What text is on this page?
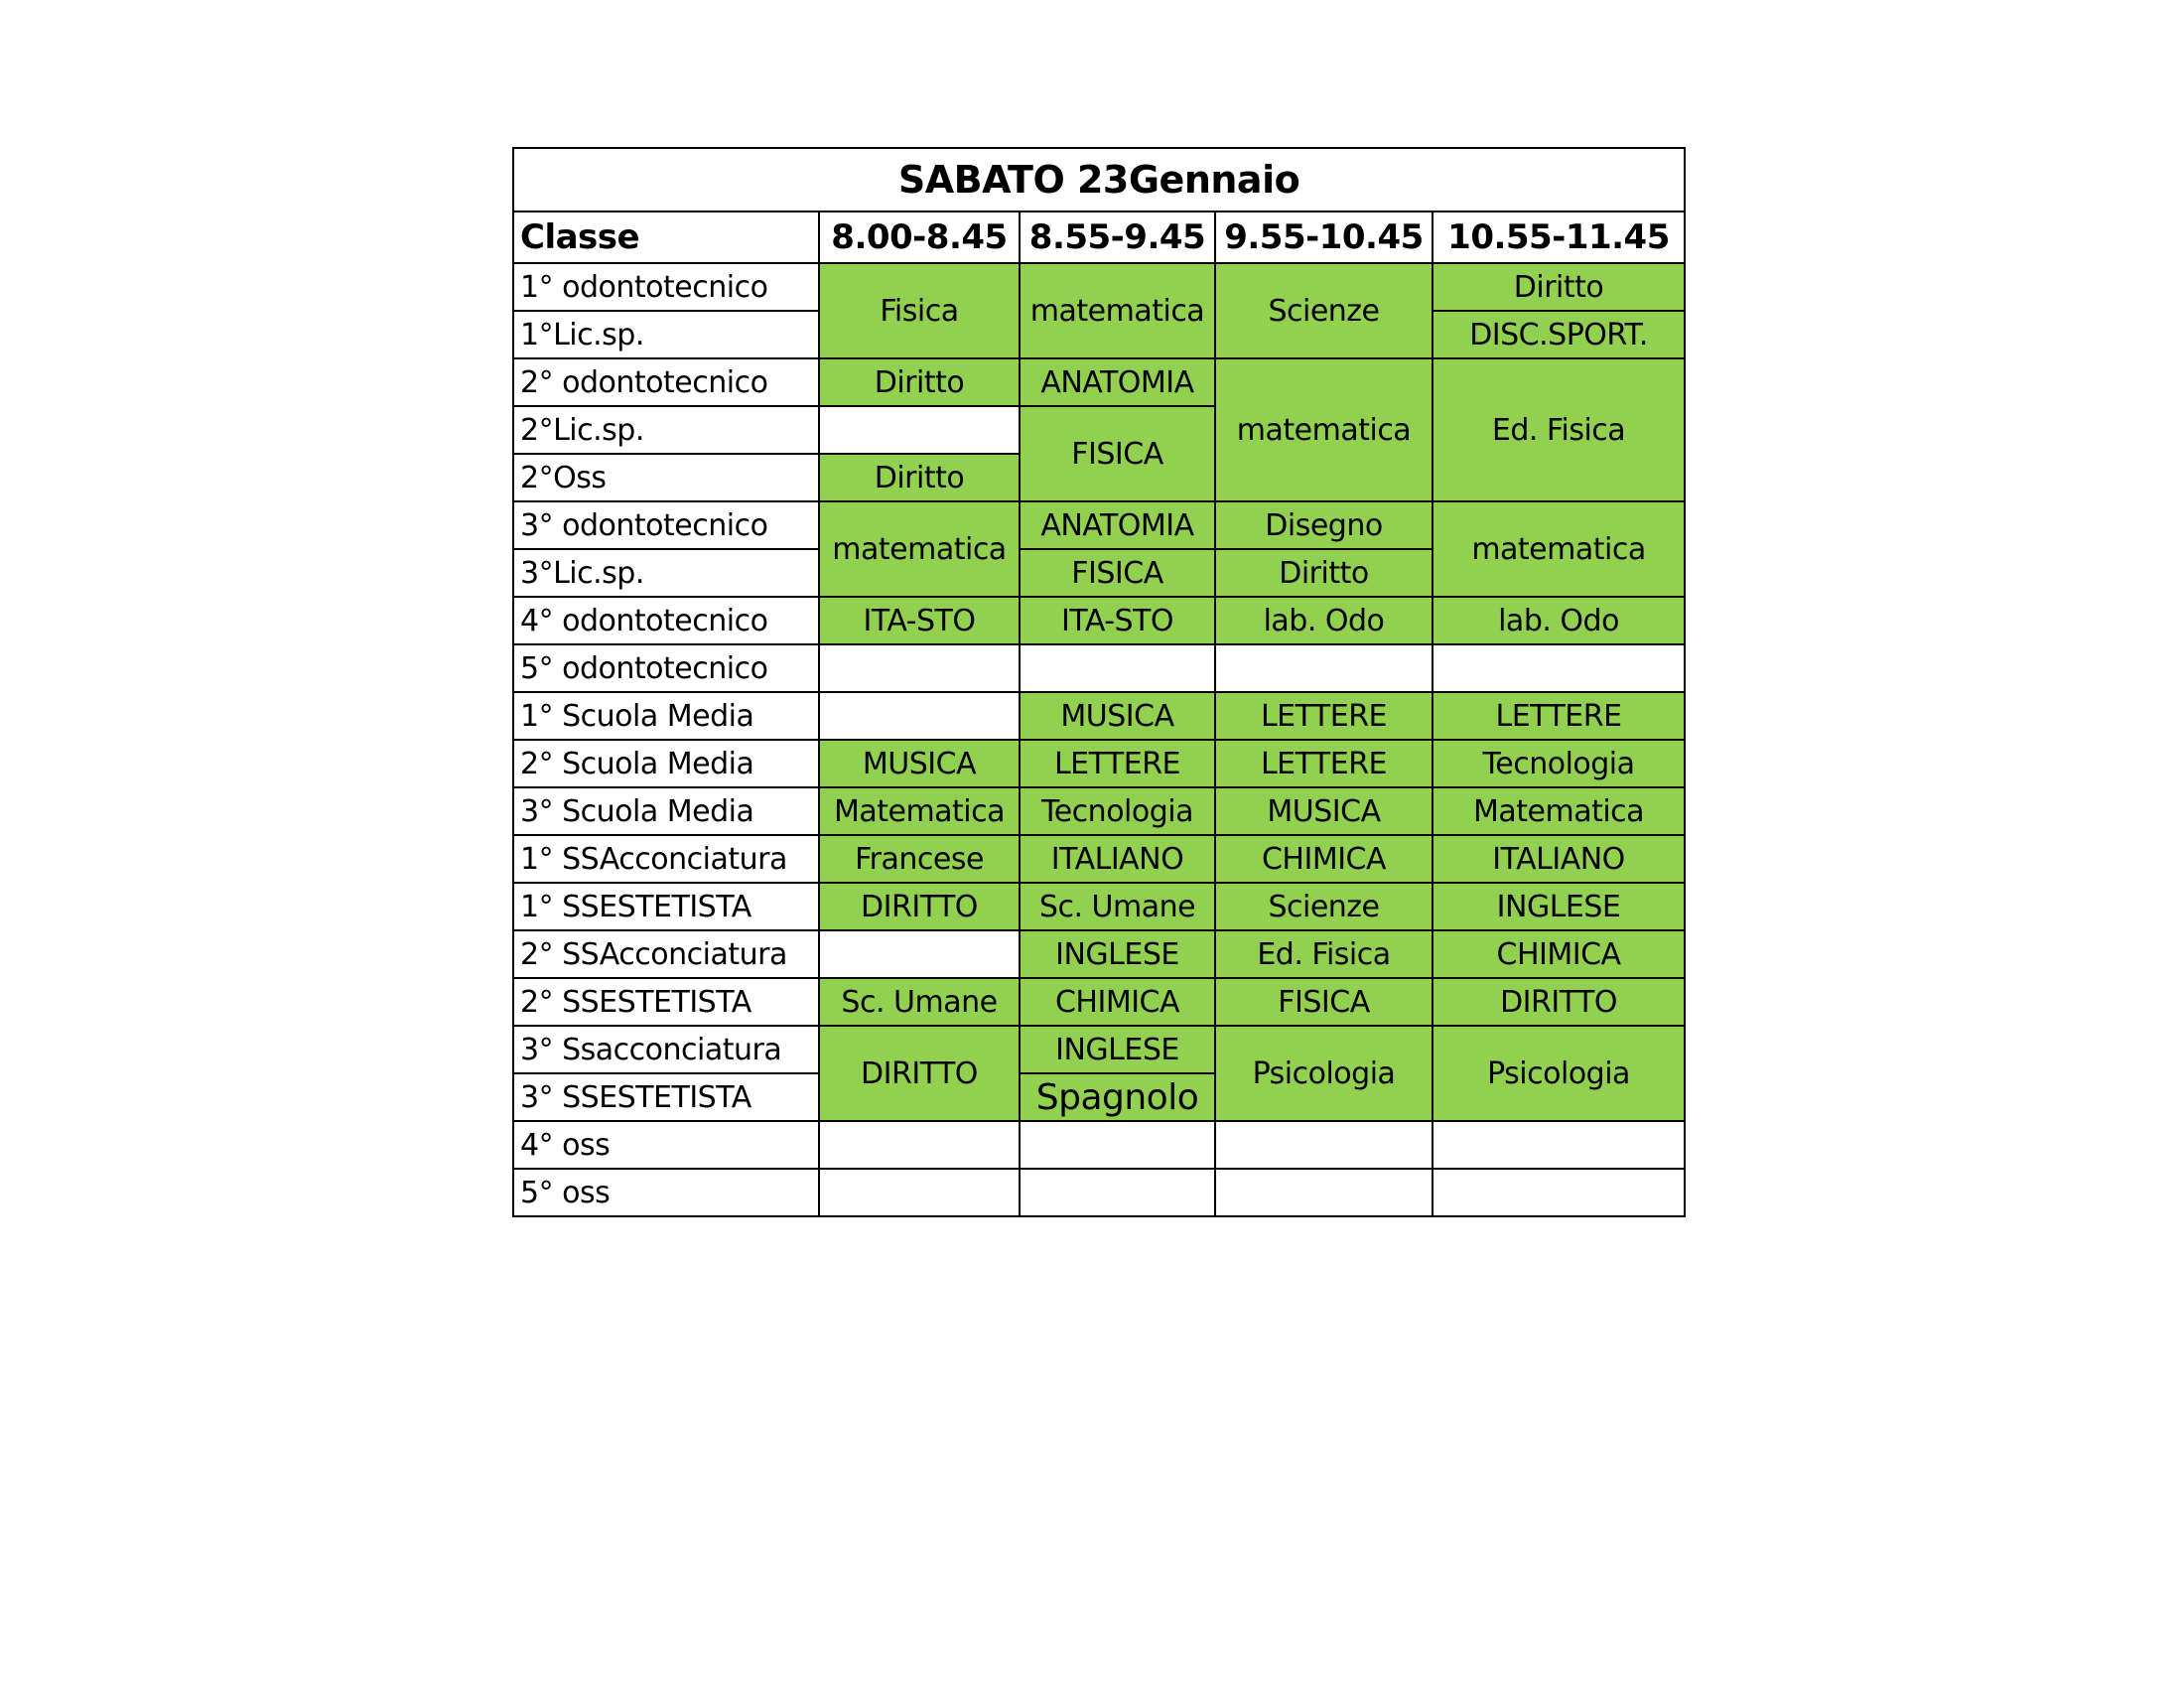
SABATO 23Gennaio				
Classe	8.00-8.45	8.55-9.45	9.55-10.45	10.55-11.45
1° odontotecnico	Fisica	matematica	Scienze	Diritto
1°Lic.sp.				DISC.SPORT.
2° odontotecnico	Diritto	ANATOMIA	matematica	Ed. Fisica
2°Lic.sp.		FISICA		
2°Oss	Diritto			
3° odontotecnico	matematica	ANATOMIA	Disegno	matematica
3°Lic.sp.		FISICA	Diritto	
4° odontotecnico	ITA-STO	ITA-STO	lab. Odo	lab. Odo
5° odontotecnico				
1° Scuola Media		MUSICA	LETTERE	LETTERE
2° Scuola Media	MUSICA	LETTERE	LETTERE	Tecnologia
3° Scuola Media	Matematica	Tecnologia	MUSICA	Matematica
1° SSAcconciatura	Francese	ITALIANO	CHIMICA	ITALIANO
1° SSESTETISTA	DIRITTO	Sc. Umane	Scienze	INGLESE
2° SSAcconciatura		INGLESE	Ed. Fisica	CHIMICA
2° SSESTETISTA	Sc. Umane	CHIMICA	FISICA	DIRITTO
3° Ssacconciatura	DIRITTO	INGLESE	Psicologia	Psicologia
3° SSESTETISTA		Spagnolo		
4° oss				
5° oss				
